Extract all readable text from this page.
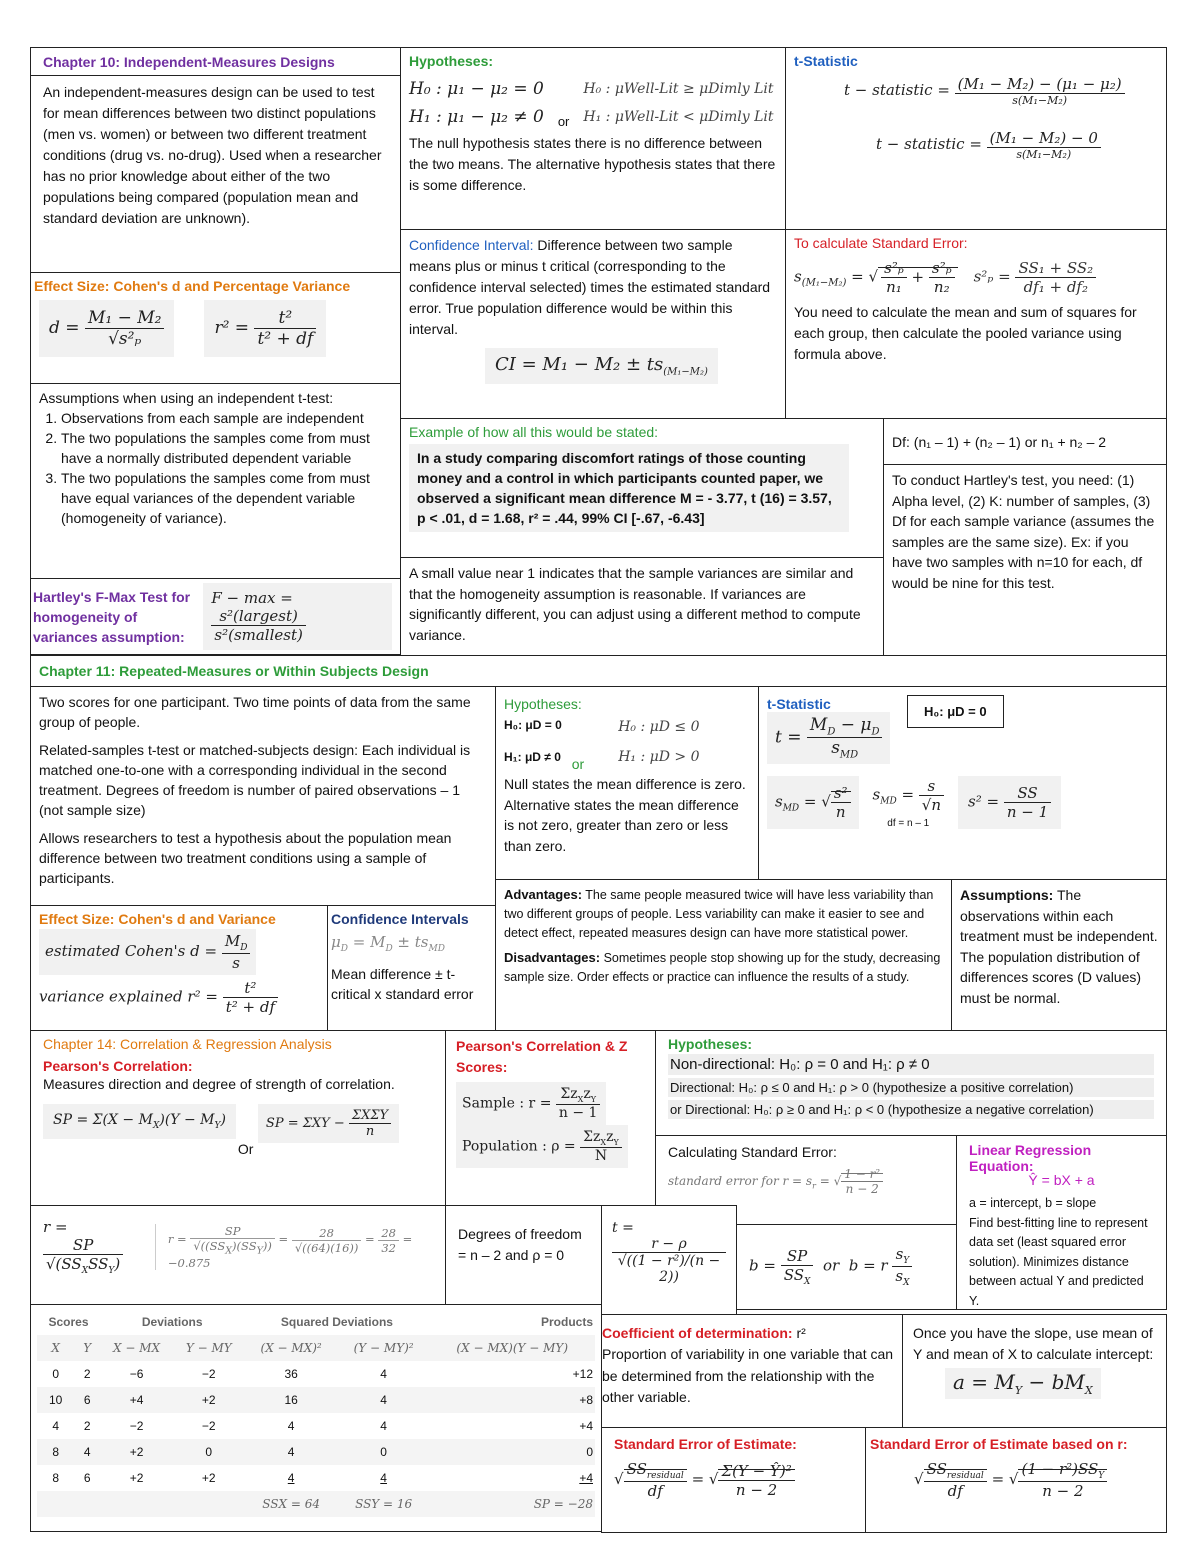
Chapter 10: Independent-Measures Designs
An independent-measures design can be used to test for mean differences between two distinct populations (men vs. women) or between two different treatment conditions (drug vs. no-drug). Used when a researcher has no prior knowledge about either of the two populations being compared (population mean and standard deviation are unknown).
Effect Size: Cohen's d and Percentage Variance
$d = \frac{\text{M₁ − M₂}}{\text{√s²ₚ}}$	$r^2 = \frac{\text{t²}}{\text{t² + df}}$
Assumptions when using an independent t-test:
1. Observations from each sample are independent
2. The two populations the samples come from must have a normally distributed dependent variable
3. The two populations the samples come from must have equal variances of the dependent variable (homogeneity of variance).
Hartley's F-Max Test for homogeneity of variances assumption:
F − max =
$\frac{\text{s²(largest)}}{\text{s²(smallest)}}$
Hypotheses:
H₀ : μ₁ − μ₂ = 0
H₁ : μ₁ − μ₂ ≠ 0 or
H₀ : μWell-Lit ≥ μDimly Lit
H₁ : μWell-Lit < μDimly Lit
The null hypothesis states there is no difference between the two means. The alternative hypothesis states that there is some difference.
Confidence Interval: Difference between two sample means plus or minus t critical (corresponding to the confidence interval selected) times the estimated standard error. True population difference would be within this interval.
CI = $M_1 - M_2 \pm ts_{(M_1-M_2)}$
t-Statistic
t − statistic = $\frac{\text{(M₁ − M₂) − (μ₁ − μ₂)}}{\text{s(M₁−M₂)}}$
t − statistic = $\frac{\text{(M₁ − M₂) − 0}}{\text{s(M₁−M₂)}}$
To calculate Standard Error:
$s_{(M_1-M_2)}$ = √ $\frac{\text{s²ₚ}}{\text{n₁}} + \frac{\text{s²ₚ}}{\text{n₂}} s^2_p = \frac{\text{SS₁ + SS₂}}{\text{df₁ + df₂}}$
You need to calculate the mean and sum of squares for each group, then calculate the pooled variance using formula above.
Example of how all this would be stated:
In a study comparing discomfort ratings of those counting money and a control in which participants counted paper, we observed a significant mean difference M = - 3.77, t (16) = 3.57, p < .01, d = 1.68, r² = .44, 99% CI [-.67, -6.43]
Df: (n₁ – 1) + (n₂ – 1) or n₁ + n₂ – 2
To conduct Hartley's test, you need: (1) Alpha level, (2) K: number of samples, (3) Df for each sample variance (assumes the samples are the same size). Ex: if you have two samples with n=10 for each, df would be nine for this test.
A small value near 1 indicates that the sample variances are similar and that the homogeneity assumption is reasonable. If variances are significantly different, you can adjust using a different method to compute variance.
Chapter 11: Repeated-Measures or Within Subjects Design
Two scores for one participant. Two time points of data from the same group of people.
Related-samples t-test or matched-subjects design: Each individual is matched one-to-one with a corresponding individual in the second treatment. Degrees of freedom is number of paired observations – 1 (not sample size)
Allows researchers to test a hypothesis about the population mean difference between two treatment conditions using a sample of participants.
Hypotheses:
H₀: μD = 0
H₁: μD ≠ 0 or
H₀ : μD ≤ 0
H₁ : μD > 0
Null states the mean difference is zero. Alternative states the mean difference is not zero, greater than zero or less than zero.
t-Statistic
$t = \frac{M_D - \mu_D}{s_{MD}}$
H₀: μD = 0
$s_{MD}$ = √ $\frac{\text{s²}}{n} s_{MD} = \frac{s}{√n}$
df = n – 1
$s^2 = \frac{SS}{n - 1}$
Effect Size: Cohen's d and Variance
estimated Cohen's $d = \frac{M_D}{s}$
variance explained $r^2 = \frac{\text{t²}}{\text{t² + df}}$
Confidence Intervals
$\mu_D = M_D \pm ts_{MD}$
Mean difference ± t-critical x standard error
Advantages: The same people measured twice will have less variability than two different groups of people. Less variability can make it easier to see and detect effect, repeated measures design can have more statistical power.
Disadvantages: Sometimes people stop showing up for the study, decreasing sample size. Order effects or practice can influence the results of a study.
Assumptions: The observations within each treatment must be independent. The population distribution of differences scores (D values) must be normal.
Chapter 14: Correlation & Regression Analysis
Pearson's Correlation:
Measures direction and degree of strength of correlation.
SP = $\Sigma(X - M_X)(Y - M_Y)$	SP = $\Sigma XY - \frac{\text{ΣXΣY}}{n}$
Or
Pearson's Correlation & Z Scores:
Sample : $r = \frac{\Sigma z_Xz_Y}{n - 1}$
Population : $\rho = \frac{\Sigma z_Xz_Y}{N}$
Hypotheses:
Non-directional: H₀: ρ = 0 and H₁: ρ ≠ 0
Directional: H₀: ρ ≤ 0 and H₁: ρ > 0 (hypothesize a positive correlation)
or Directional: H₀: ρ ≥ 0 and H₁: ρ < 0 (hypothesize a negative correlation)
Calculating Standard Error:
standard error for $r = s_r$ = √ $\frac{\text{1 − r²}}{n - 2}$
Linear Regression Equation:
Ŷ = bX + a
a = intercept, b = slope
Find best-fitting line to represent data set (least squared error solution). Minimizes distance between actual Y and predicted Y.
r =
$\frac{SP}{√(SS_XSS_Y)}$	$r = \frac{SP}{√((SS_X)(SS_Y))} = \frac{28}{√((64)(16))} = \frac{28}{32} = -0.875$
Degrees of freedom = n – 2 and ρ = 0
t =
$\frac{r - \rho}{\text{√((1 − r²)/(n − 2))}}$ $b = \frac{SP}{SS_X}$ or  b = r $\frac{s_Y}{s_X}$
Scores		Deviations		Squared Deviations		Products
X	Y	X − MX	Y − MY	(X − MX)²	(Y − MY)²	(X − MX)(Y − MY)
0	2	−6	−2	36	4	+12
10	6	+4	+2	16	4	+8
4	2	−2	−2	4	4	+4
8	4	+2	0	4	0	0
8	6	+2	+2	4	4	+4
				SSX = 64	SSY = 16	SP = −28
Coefficient of determination: r²
Proportion of variability in one variable that can be determined from the relationship with the other variable.
Once you have the slope, use mean of Y and mean of X to calculate intercept:
$a = M_Y - bM_X$
Standard Error of Estimate:
√ $\frac{SS_{residual}}{df}$ = √ $\frac{\text{Σ(Y − Ŷ)²}}{n - 2}$
Standard Error of Estimate based on r:
√ $\frac{SS_{residual}}{df}$ = √ $\frac{(1 - r^2)SS_Y}{n - 2}$
